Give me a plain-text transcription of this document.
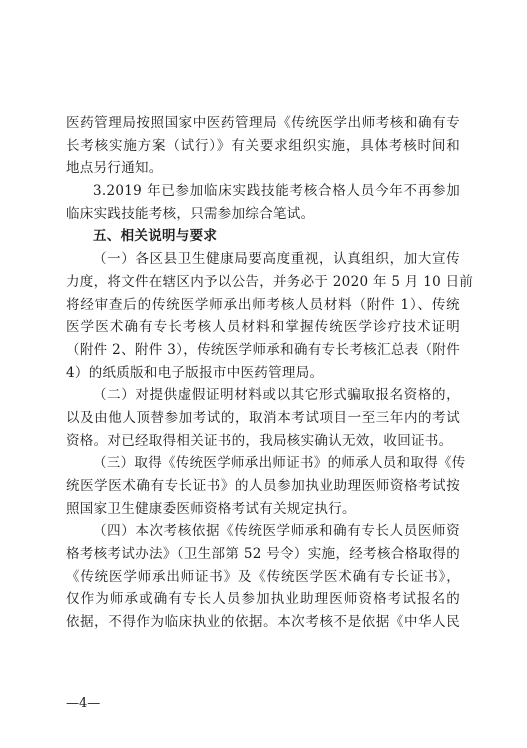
医药管理局按照国家中医药管理局《传统医学出师考核和确有专
长考核实施方案（试行）》有关要求组织实施，具体考核时间和
地点另行通知。
3.2019 年已参加临床实践技能考核合格人员今年不再参加
临床实践技能考核，只需参加综合笔试。
五、相关说明与要求
（一）各区县卫生健康局要高度重视，认真组织，加大宣传
力度，将文件在辖区内予以公告，并务必于 2020 年 5 月 10 日前
将经审查后的传统医学师承出师考核人员材料（附件 1）、传统
医学医术确有专长考核人员材料和掌握传统医学诊疗技术证明
（附件 2、附件 3），传统医学师承和确有专长考核汇总表（附件
4）的纸质版和电子版报市中医药管理局。
（二）对提供虚假证明材料或以其它形式骗取报名资格的，
以及由他人顶替参加考试的，取消本考试项目一至三年内的考试
资格。对已经取得相关证书的，我局核实确认无效，收回证书。
（三）取得《传统医学师承出师证书》的师承人员和取得《传
统医学医术确有专长证书》的人员参加执业助理医师资格考试按
照国家卫生健康委医师资格考试有关规定执行。
（四）本次考核依据《传统医学师承和确有专长人员医师资
格考核考试办法》（卫生部第 52 号令）实施，经考核合格取得的
《传统医学师承出师证书》及《传统医学医术确有专长证书》，
仅作为师承或确有专长人员参加执业助理医师资格考试报名的
依据，不得作为临床执业的依据。本次考核不是依据《中华人民
—4—
